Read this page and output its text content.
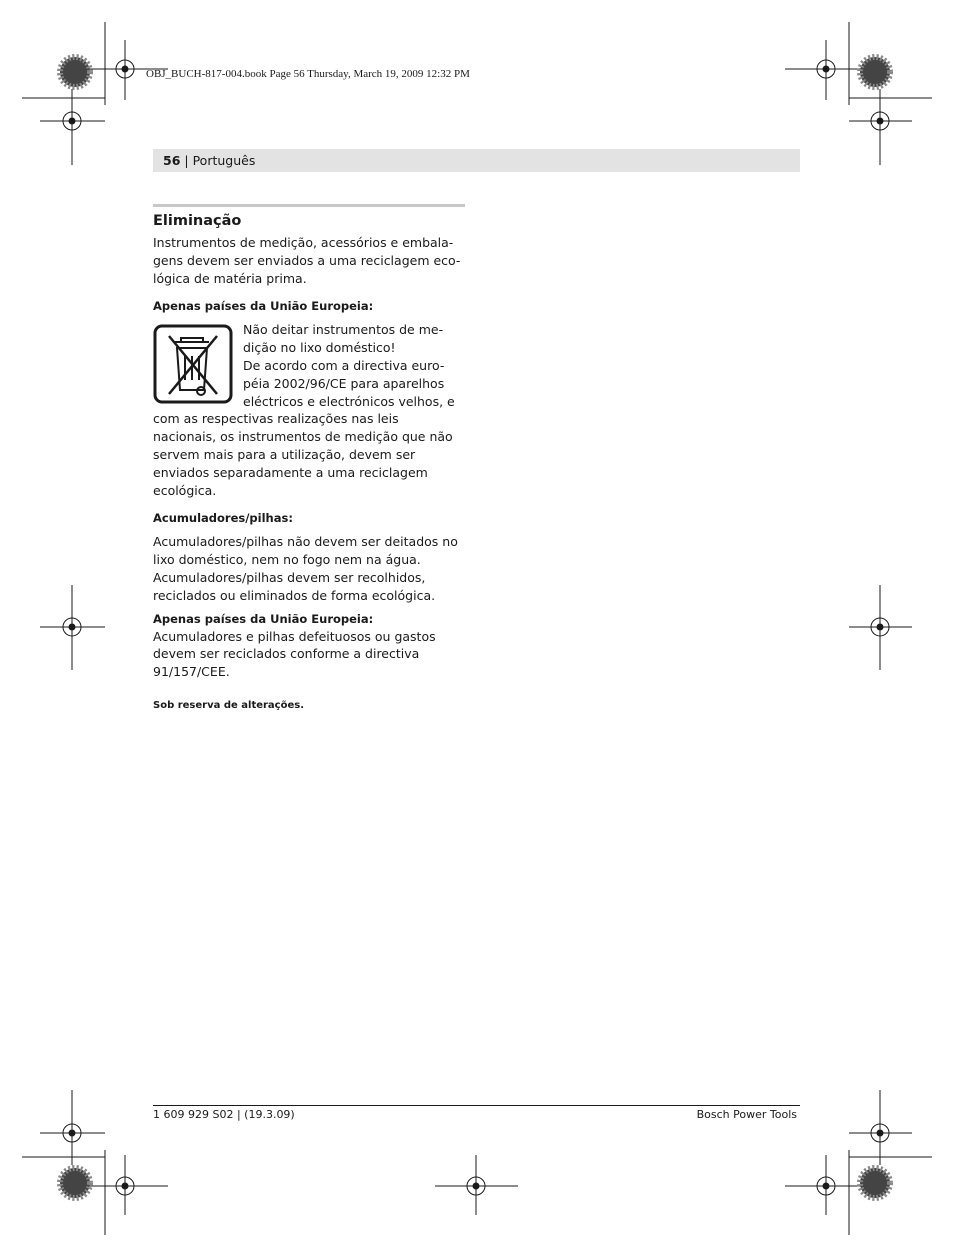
OBJ_BUCH-817-004.book Page 56 Thursday, March 19, 2009 12:32 PM
56 | Português
Eliminação

Instrumentos de medição, acessórios e embala-gens devem ser enviados a uma reciclagem eco-lógica de matéria prima.

Apenas países da União Europeia:

Não deitar instrumentos de me-dição no lixo doméstico!

De acordo com a directiva euro-péia 2002/96/CE para aparelhos eléctricos e electrónicos velhos, e com as respectivas realizações nas leis nacionais, os instrumentos de medição que não servem mais para a utilização, devem ser enviados separadamente a uma reciclagem ecológica.

Acumuladores/pilhas:

Acumuladores/pilhas não devem ser deitados no lixo doméstico, nem no fogo nem na água. Acumuladores/pilhas devem ser recolhidos, reciclados ou eliminados de forma ecológica.

Apenas países da União Europeia:

Acumuladores e pilhas defeituosos ou gastos devem ser reciclados conforme a directiva 91/157/CEE.

Sob reserva de alterações.
1 609 929 S02 | (19.3.09)	Bosch Power Tools
